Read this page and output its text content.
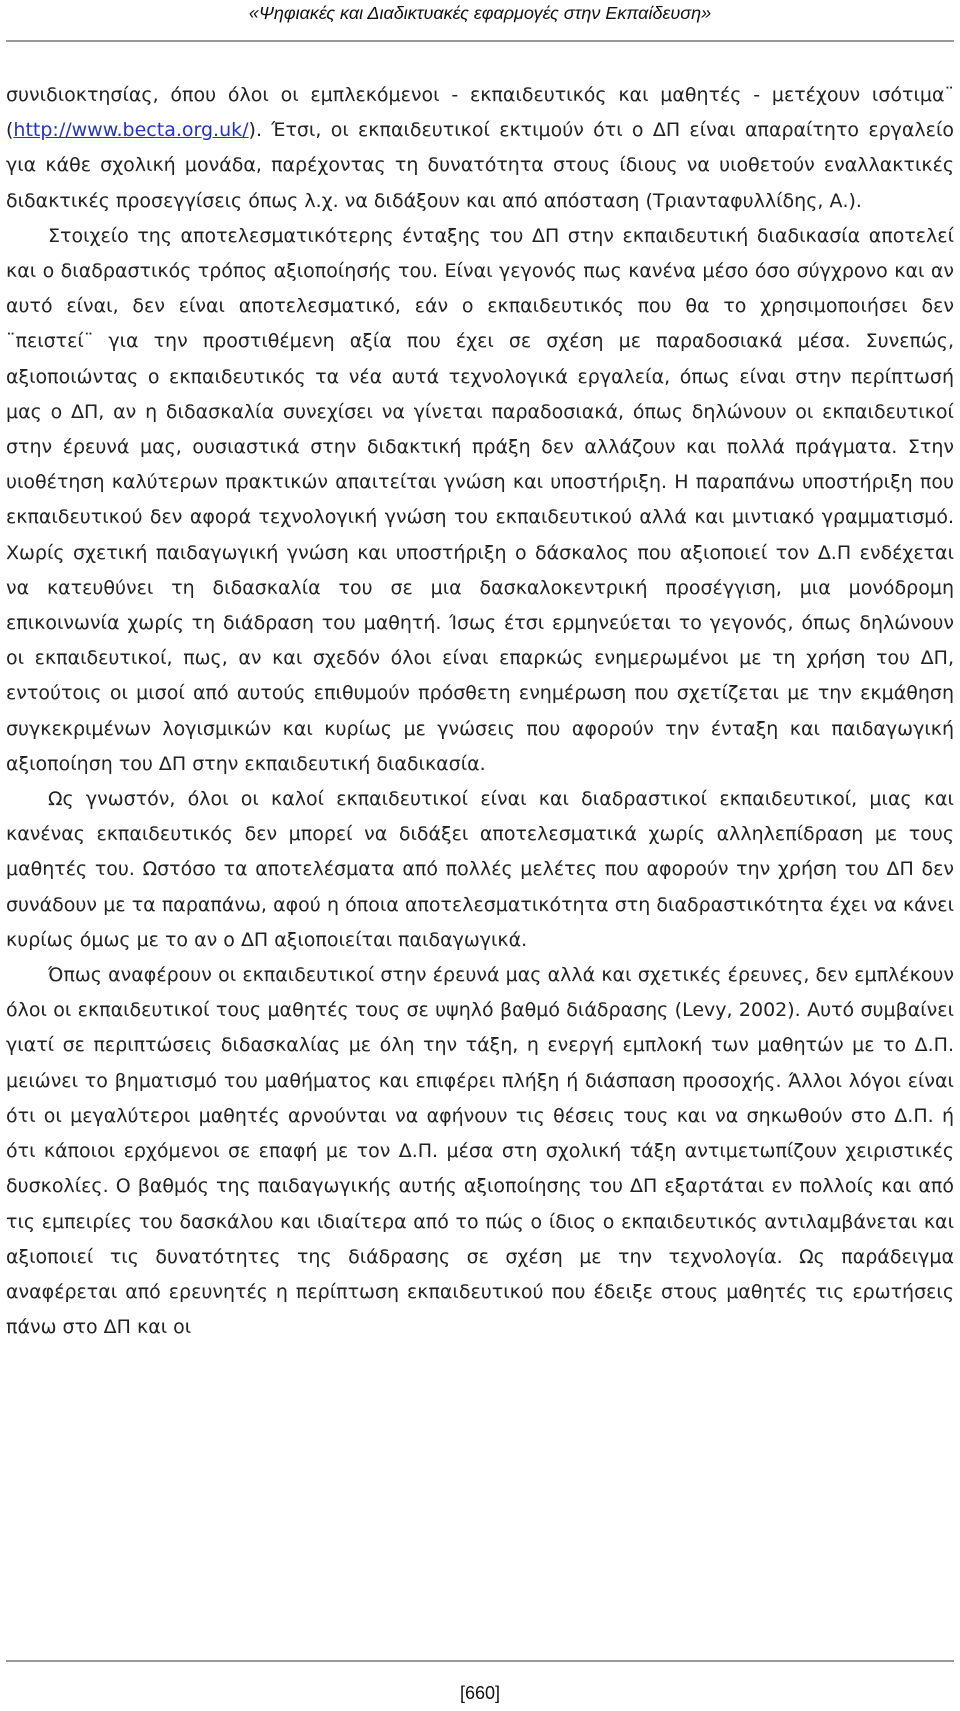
«Ψηφιακές και Διαδικτυακές εφαρμογές στην Εκπαίδευση»

συνιδιοκτησίας, όπου όλοι οι εμπλεκόμενοι - εκπαιδευτικός και μαθητές - μετέχουν ισότιμα¨ (http://www.becta.org.uk/). Έτσι, οι εκπαιδευτικοί εκτιμούν ότι ο ΔΠ είναι απαραίτητο εργαλείο για κάθε σχολική μονάδα, παρέχοντας τη δυνατότητα στους ίδιους να υιοθετούν εναλλακτικές διδακτικές προσεγγίσεις όπως λ.χ. να διδάξουν και από απόσταση (Τριανταφυλλίδης, Α.).

Στοιχείο της αποτελεσματικότερης ένταξης του ΔΠ στην εκπαιδευτική διαδικασία αποτελεί και ο διαδραστικός τρόπος αξιοποίησής του. Είναι γεγονός πως κανένα μέσο όσο σύγχρονο και αν αυτό είναι, δεν είναι αποτελεσματικό, εάν ο εκπαιδευτικός που θα το χρησιμοποιήσει δεν ¨πειστεί¨ για την προστιθέμενη αξία που έχει σε σχέση με παραδοσιακά μέσα. Συνεπώς, αξιοποιώντας ο εκπαιδευτικός τα νέα αυτά τεχνολογικά εργαλεία, όπως είναι στην περίπτωσή μας ο ΔΠ, αν η διδασκαλία συνεχίσει να γίνεται παραδοσιακά, όπως δηλώνουν οι εκπαιδευτικοί στην έρευνά μας, ουσιαστικά στην διδακτική πράξη δεν αλλάζουν και πολλά πράγματα. Στην υιοθέτηση καλύτερων πρακτικών απαιτείται γνώση και υποστήριξη. Η παραπάνω υποστήριξη που εκπαιδευτικού δεν αφορά τεχνολογική γνώση του εκπαιδευτικού αλλά και μιντιακό γραμματισμό. Χωρίς σχετική παιδαγωγική γνώση και υποστήριξη ο δάσκαλος που αξιοποιεί τον Δ.Π ενδέχεται να κατευθύνει τη διδασκαλία του σε μια δασκαλοκεντρική προσέγγιση, μια μονόδρομη επικοινωνία χωρίς τη διάδραση του μαθητή. Ίσως έτσι ερμηνεύεται το γεγονός, όπως δηλώνουν οι εκπαιδευτικοί, πως, αν και σχεδόν όλοι είναι επαρκώς ενημερωμένοι με τη χρήση του ΔΠ, εντούτοις οι μισοί από αυτούς επιθυμούν πρόσθετη ενημέρωση που σχετίζεται με την εκμάθηση συγκεκριμένων λογισμικών και κυρίως με γνώσεις που αφορούν την ένταξη και παιδαγωγική αξιοποίηση του ΔΠ στην εκπαιδευτική διαδικασία.

Ως γνωστόν, όλοι οι καλοί εκπαιδευτικοί είναι και διαδραστικοί εκπαιδευτικοί, μιας και κανένας εκπαιδευτικός δεν μπορεί να διδάξει αποτελεσματικά χωρίς αλληλεπίδραση με τους μαθητές του. Ωστόσο τα αποτελέσματα από πολλές μελέτες που αφορούν την χρήση του ΔΠ δεν συνάδουν με τα παραπάνω, αφού η όποια αποτελεσματικότητα στη διαδραστικότητα έχει να κάνει κυρίως όμως με το αν ο ΔΠ αξιοποιείται παιδαγωγικά.

Όπως αναφέρουν οι εκπαιδευτικοί στην έρευνά μας αλλά και σχετικές έρευνες, δεν εμπλέκουν όλοι οι εκπαιδευτικοί τους μαθητές τους σε υψηλό βαθμό διάδρασης (Levy, 2002). Αυτό συμβαίνει γιατί σε περιπτώσεις διδασκαλίας με όλη την τάξη, η ενεργή εμπλοκή των μαθητών με το Δ.Π. μειώνει το βηματισμό του μαθήματος και επιφέρει πλήξη ή διάσπαση προσοχής. Άλλοι λόγοι είναι ότι οι μεγαλύτεροι μαθητές αρνούνται να αφήνουν τις θέσεις τους και να σηκωθούν στο Δ.Π. ή ότι κάποιοι ερχόμενοι σε επαφή με τον Δ.Π. μέσα στη σχολική τάξη αντιμετωπίζουν χειριστικές δυσκολίες. Ο βαθμός της παιδαγωγικής αυτής αξιοποίησης του ΔΠ εξαρτάται εν πολλοίς και από τις εμπειρίες του δασκάλου και ιδιαίτερα από το πώς ο ίδιος ο εκπαιδευτικός αντιλαμβάνεται και αξιοποιεί τις δυνατότητες της διάδρασης σε σχέση με την τεχνολογία. Ως παράδειγμα αναφέρεται από ερευνητές η περίπτωση εκπαιδευτικού που έδειξε στους μαθητές τις ερωτήσεις πάνω στο ΔΠ και οι

[660]
